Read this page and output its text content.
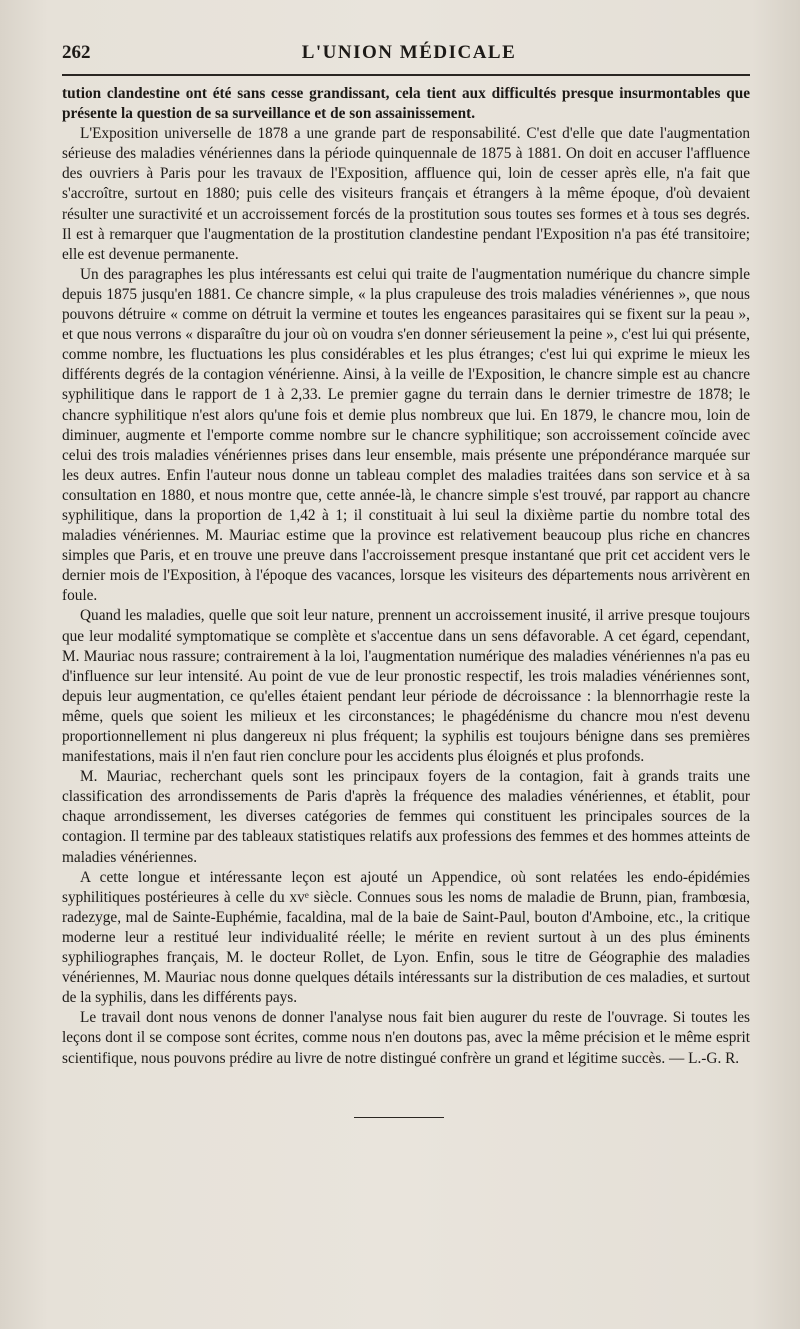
262	L'UNION MÉDICALE

tution clandestine ont été sans cesse grandissant, cela tient aux difficultés presque insurmontables que présente la question de sa surveillance et de son assainissement.

L'Exposition universelle de 1878 a une grande part de responsabilité. C'est d'elle que date l'augmentation sérieuse des maladies vénériennes dans la période quinquennale de 1875 à 1881. On doit en accuser l'affluence des ouvriers à Paris pour les travaux de l'Exposition, affluence qui, loin de cesser après elle, n'a fait que s'accroître, surtout en 1880; puis celle des visiteurs français et étrangers à la même époque, d'où devaient résulter une suractivité et un accroissement forcés de la prostitution sous toutes ses formes et à tous ses degrés. Il est à remarquer que l'augmentation de la prostitution clandestine pendant l'Exposition n'a pas été transitoire; elle est devenue permanente.

Un des paragraphes les plus intéressants est celui qui traite de l'augmentation numérique du chancre simple depuis 1875 jusqu'en 1881. Ce chancre simple, « la plus crapuleuse des trois maladies vénériennes », que nous pouvons détruire « comme on détruit la vermine et toutes les engeances parasitaires qui se fixent sur la peau », et que nous verrons « disparaître du jour où on voudra s'en donner sérieusement la peine », c'est lui qui présente, comme nombre, les fluctuations les plus considérables et les plus étranges; c'est lui qui exprime le mieux les différents degrés de la contagion vénérienne. Ainsi, à la veille de l'Exposition, le chancre simple est au chancre syphilitique dans le rapport de 1 à 2,33. Le premier gagne du terrain dans le dernier trimestre de 1878; le chancre syphilitique n'est alors qu'une fois et demie plus nombreux que lui. En 1879, le chancre mou, loin de diminuer, augmente et l'emporte comme nombre sur le chancre syphilitique; son accroissement coïncide avec celui des trois maladies vénériennes prises dans leur ensemble, mais présente une prépondérance marquée sur les deux autres. Enfin l'auteur nous donne un tableau complet des maladies traitées dans son service et à sa consultation en 1880, et nous montre que, cette année-là, le chancre simple s'est trouvé, par rapport au chancre syphilitique, dans la proportion de 1,42 à 1; il constituait à lui seul la dixième partie du nombre total des maladies vénériennes. M. Mauriac estime que la province est relativement beaucoup plus riche en chancres simples que Paris, et en trouve une preuve dans l'accroissement presque instantané que prit cet accident vers le dernier mois de l'Exposition, à l'époque des vacances, lorsque les visiteurs des départements nous arrivèrent en foule.

Quand les maladies, quelle que soit leur nature, prennent un accroissement inusité, il arrive presque toujours que leur modalité symptomatique se complète et s'accentue dans un sens défavorable. A cet égard, cependant, M. Mauriac nous rassure; contrairement à la loi, l'augmentation numérique des maladies vénériennes n'a pas eu d'influence sur leur intensité. Au point de vue de leur pronostic respectif, les trois maladies vénériennes sont, depuis leur augmentation, ce qu'elles étaient pendant leur période de décroissance : la blennorrhagie reste la même, quels que soient les milieux et les circonstances; le phagédénisme du chancre mou n'est devenu proportionnellement ni plus dangereux ni plus fréquent; la syphilis est toujours bénigne dans ses premières manifestations, mais il n'en faut rien conclure pour les accidents plus éloignés et plus profonds.

M. Mauriac, recherchant quels sont les principaux foyers de la contagion, fait à grands traits une classification des arrondissements de Paris d'après la fréquence des maladies vénériennes, et établit, pour chaque arrondissement, les diverses catégories de femmes qui constituent les principales sources de la contagion. Il termine par des tableaux statistiques relatifs aux professions des femmes et des hommes atteints de maladies vénériennes.

A cette longue et intéressante leçon est ajouté un Appendice, où sont relatées les endo-épidémies syphilitiques postérieures à celle du xvᵉ siècle. Connues sous les noms de maladie de Brunn, pian, frambœsia, radezyge, mal de Sainte-Euphémie, facaldina, mal de la baie de Saint-Paul, bouton d'Amboine, etc., la critique moderne leur a restitué leur individualité réelle; le mérite en revient surtout à un des plus éminents syphiliographes français, M. le docteur Rollet, de Lyon. Enfin, sous le titre de Géographie des maladies vénériennes, M. Mauriac nous donne quelques détails intéressants sur la distribution de ces maladies, et surtout de la syphilis, dans les différents pays.

Le travail dont nous venons de donner l'analyse nous fait bien augurer du reste de l'ouvrage. Si toutes les leçons dont il se compose sont écrites, comme nous n'en doutons pas, avec la même précision et le même esprit scientifique, nous pouvons prédire au livre de notre distingué confrère un grand et légitime succès. — L.-G. R.
